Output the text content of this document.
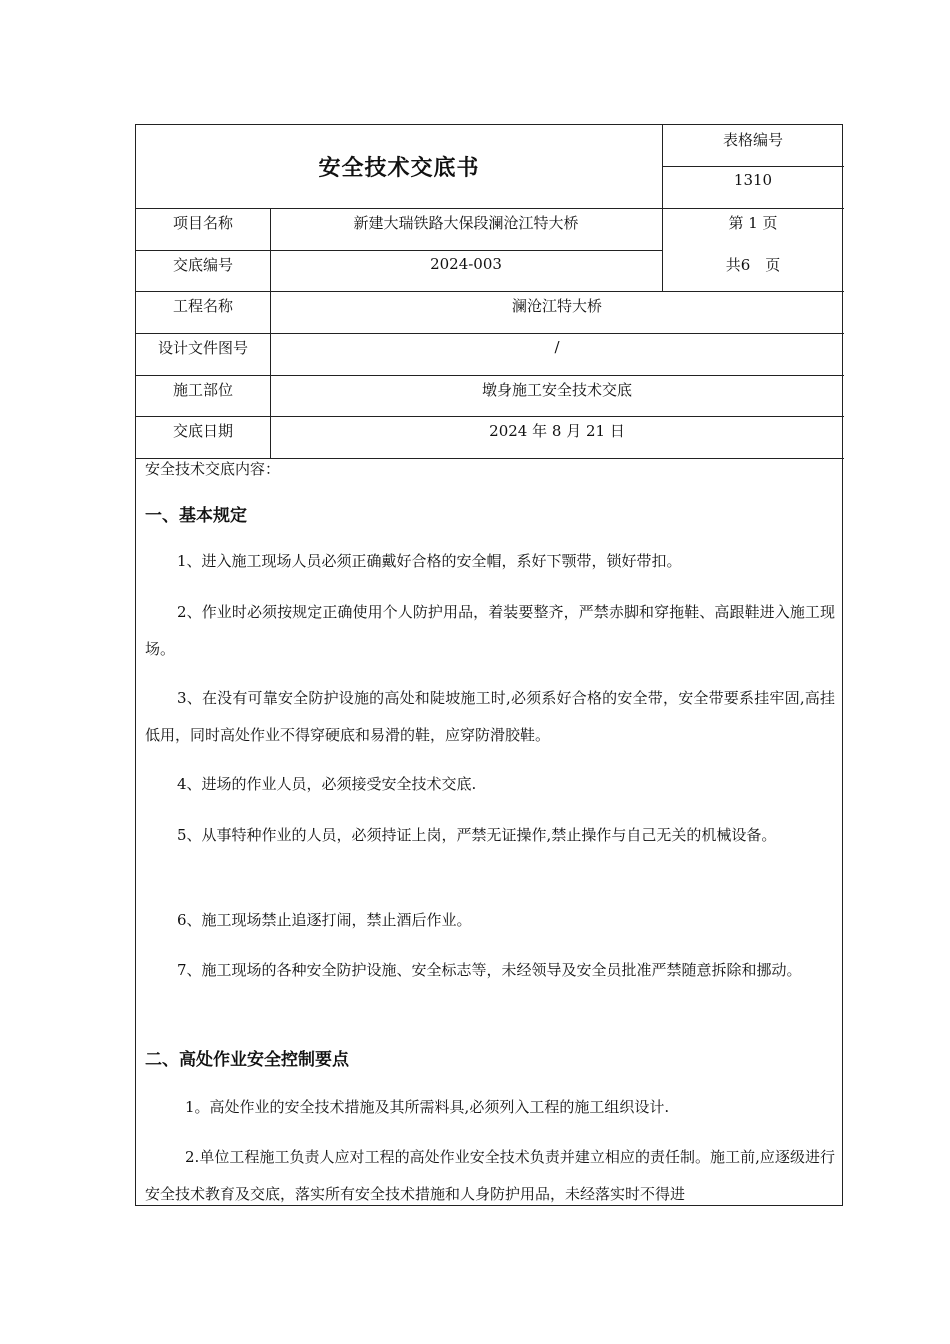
安全技术交底书
表格编号
1310
项目名称	新建大瑞铁路大保段澜沧江特大桥	第 1 页
交底编号	2024-003	共6　页
工程名称	澜沧江特大桥
设计文件图号	/
施工部位	墩身施工安全技术交底
交底日期	2024 年 8 月 21 日
安全技术交底内容：
一、基本规定
1、进入施工现场人员必须正确戴好合格的安全帽，系好下颚带，锁好带扣。
2、作业时必须按规定正确使用个人防护用品，着装要整齐，严禁赤脚和穿拖鞋、高跟鞋进入施工现场。
3、在没有可靠安全防护设施的高处和陡坡施工时,必须系好合格的安全带，安全带要系挂牢固,高挂低用，同时高处作业不得穿硬底和易滑的鞋，应穿防滑胶鞋。
4、进场的作业人员，必须接受安全技术交底.
5、从事特种作业的人员，必须持证上岗，严禁无证操作,禁止操作与自己无关的机械设备。
6、施工现场禁止追逐打闹，禁止酒后作业。
7、施工现场的各种安全防护设施、安全标志等，未经领导及安全员批准严禁随意拆除和挪动。
二、高处作业安全控制要点
1。高处作业的安全技术措施及其所需料具,必须列入工程的施工组织设计.
2.单位工程施工负责人应对工程的高处作业安全技术负责并建立相应的责任制。施工前,应逐级进行安全技术教育及交底，落实所有安全技术措施和人身防护用品，未经落实时不得进
